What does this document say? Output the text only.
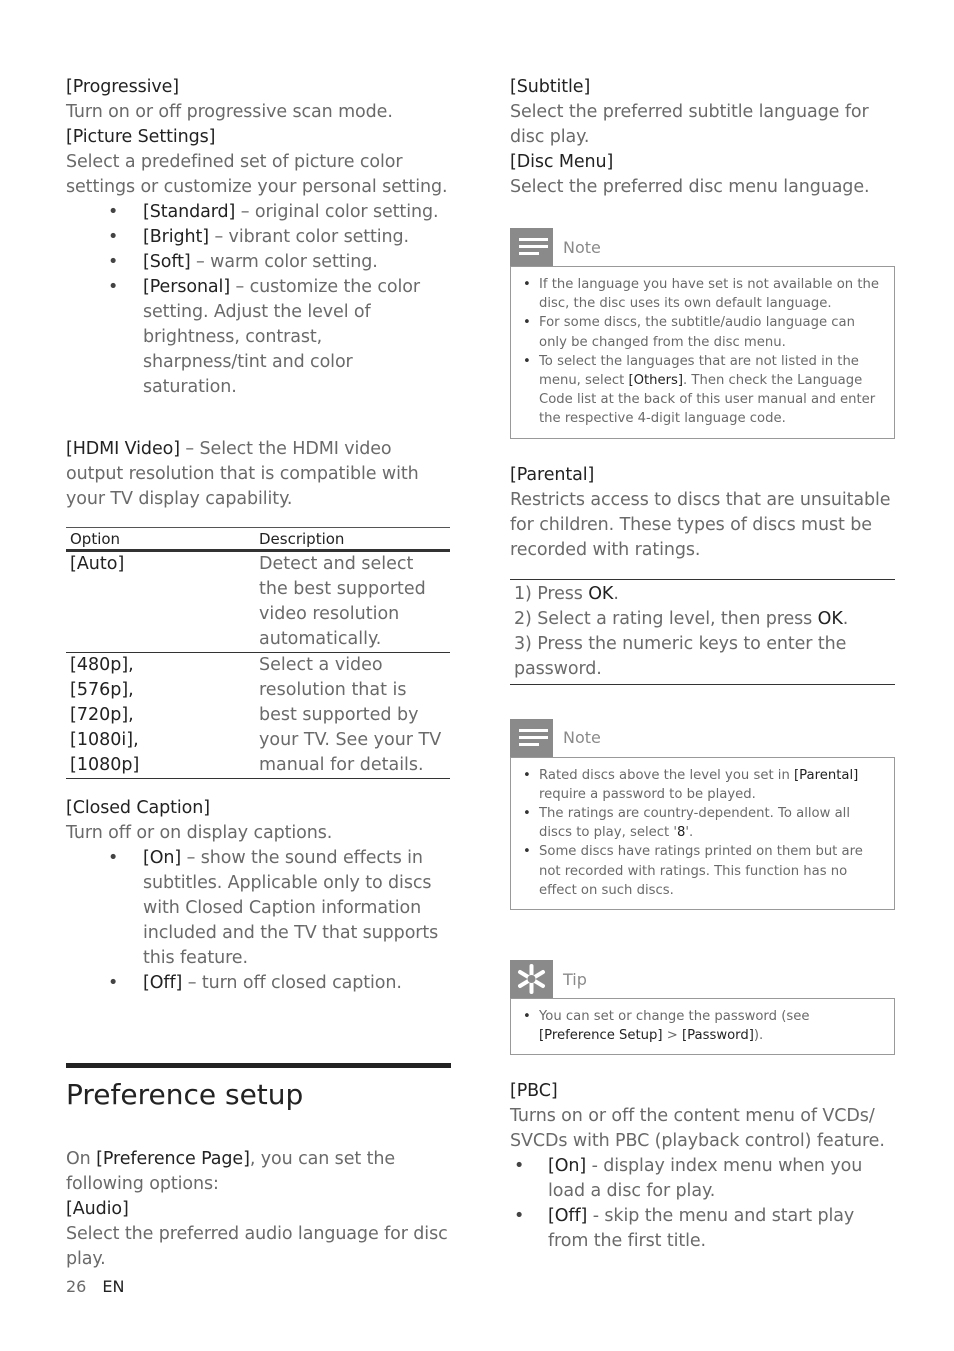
[Progressive]

Turn on or off progressive scan mode.

[Picture Settings]

Select a predefined set of picture color settings or customize your personal setting.

• [Standard] – original color setting.
• [Bright] – vibrant color setting.
• [Soft] – warm color setting.
• [Personal] – customize the color setting. Adjust the level of brightness, contrast, sharpness/tint and color saturation.

[HDMI Video] – Select the HDMI video output resolution that is compatible with your TV display capability.

Option	Description
[Auto]	Detect and select the best supported video resolution automatically.
[480p],
[576p],
[720p],
[1080i],
[1080p]	Select a video resolution that is best supported by your TV. See your TV manual for details.

[Closed Caption]

Turn off or on display captions.

• [On] – show the sound effects in subtitles. Applicable only to discs with Closed Caption information included and the TV that supports this feature.
• [Off] – turn off closed caption.
Preference setup

On [Preference Page], you can set the following options:

[Audio]

Select the preferred audio language for disc play.

[Subtitle]

Select the preferred subtitle language for disc play.

[Disc Menu]

Select the preferred disc menu language.

Note
• If the language you have set is not available on the disc, the disc uses its own default language.
• For some discs, the subtitle/audio language can only be changed from the disc menu.
• To select the languages that are not listed in the menu, select [Others]. Then check the Language Code list at the back of this user manual and enter the respective 4-digit language code.

[Parental]

Restricts access to discs that are unsuitable for children. These types of discs must be recorded with ratings.

1) Press OK.

2) Select a rating level, then press OK.

3) Press the numeric keys to enter the password.

Note
• Rated discs above the level you set in [Parental] require a password to be played.
• The ratings are country-dependent. To allow all discs to play, select '8'.
• Some discs have ratings printed on them but are not recorded with ratings. This function has no effect on such discs.
Tip
• You can set or change the password (see [Preference Setup] > [Password]).

[PBC]

Turns on or off the content menu of VCDs/ SVCDs with PBC (playback control) feature.

• [On] - display index menu when you load a disc for play.
• [Off] - skip the menu and start play from the first title.
26 EN
